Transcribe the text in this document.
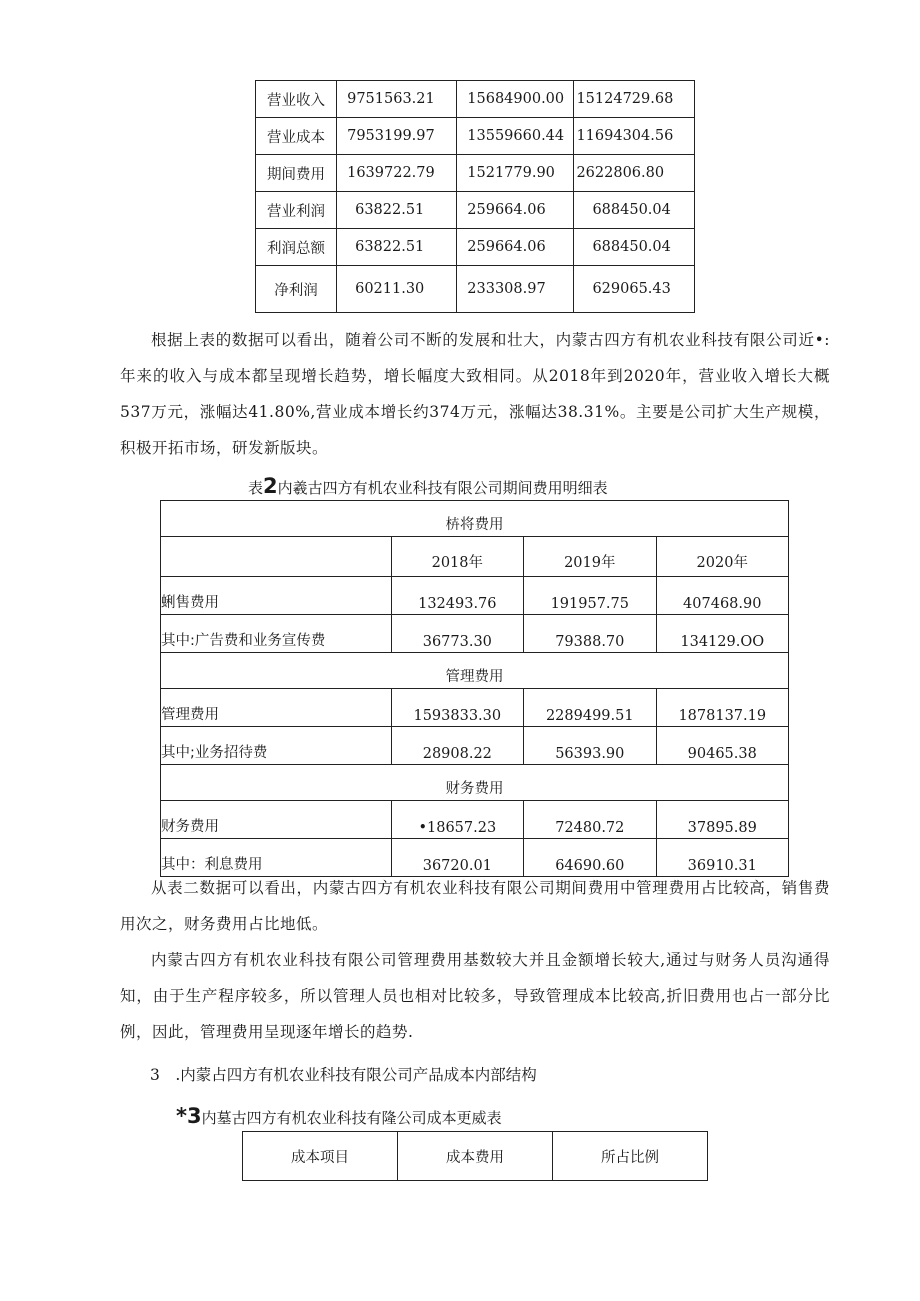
营业收入	9751563.21	15684900.00	15124729.68
营业成本	7953199.97	13559660.44	11694304.56
期间费用	1639722.79	1521779.90	2622806.80
营业利润	63822.51	259664.06	688450.04
利润总额	63822.51	259664.06	688450.04
净利润	60211.30	233308.97	629065.43

根据上表的数据可以看出，随着公司不断的发展和壮大，内蒙古四方有机农业科技有限公司近•:年来的收入与成本都呈现增长趋势，增长幅度大致相同。从2018年到2020年，营业收入增长大概537万元，涨幅达41.80%,营业成本增长约374万元，涨幅达38.31%。主要是公司扩大生产规模，积极开拓市场，研发新版块。

表2内羲古四方有机农业科技有限公司期间费用明细表

枿将费用			
	2018年	2019年	2020年
蜊售费用	132493.76	191957.75	407468.90
其中:广告费和业务宣传费	36773.30	79388.70	134129.OO
管理费用			
管理费用	1593833.30	2289499.51	1878137.19
其中;业务招待费	28908.22	56393.90	90465.38
财务费用			
财务费用	•18657.23	72480.72	37895.89
其中：利息费用	36720.01	64690.60	36910.31

从表二数据可以看出，内蒙古四方有机农业科技有限公司期间费用中管理费用占比较高，销售费用次之，财务费用占比地低。

内蒙古四方有机农业科技有限公司管理费用基数较大并且金额增长较大,通过与财务人员沟通得知，由于生产程序较多，所以管理人员也相对比较多，导致管理成本比较高,折旧费用也占一部分比例，因此，管理费用呈现逐年增长的趋势.

3　.内蒙占四方有机农业科技有限公司产品成本内部结构

*3内墓古四方有机农业科技有隆公司成本更威表

成本项目	成本费用	所占比例
